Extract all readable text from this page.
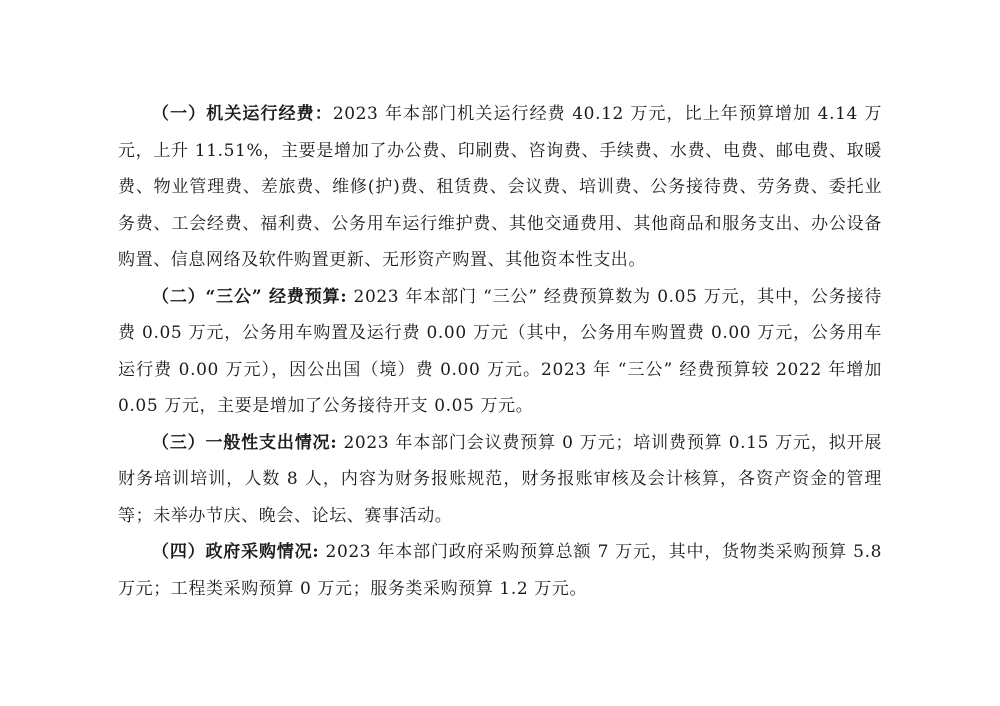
（一）机关运行经费：2023 年本部门机关运行经费 40.12 万元，比上年预算增加 4.14 万元，上升 11.51%，主要是增加了办公费、印刷费、咨询费、手续费、水费、电费、邮电费、取暖费、物业管理费、差旅费、维修(护)费、租赁费、会议费、培训费、公务接待费、劳务费、委托业务费、工会经费、福利费、公务用车运行维护费、其他交通费用、其他商品和服务支出、办公设备购置、信息网络及软件购置更新、无形资产购置、其他资本性支出。

（二）“三公” 经费预算: 2023 年本部门 “三公” 经费预算数为 0.05 万元，其中，公务接待费 0.05 万元，公务用车购置及运行费 0.00 万元（其中，公务用车购置费 0.00 万元，公务用车运行费 0.00 万元），因公出国（境）费 0.00 万元。2023 年 “三公” 经费预算较 2022 年增加 0.05 万元，主要是增加了公务接待开支 0.05 万元。

（三）一般性支出情况: 2023 年本部门会议费预算 0 万元；培训费预算 0.15 万元，拟开展财务培训培训，人数 8 人，内容为财务报账规范，财务报账审核及会计核算，各资产资金的管理等；未举办节庆、晚会、论坛、赛事活动。

（四）政府采购情况: 2023 年本部门政府采购预算总额 7 万元，其中，货物类采购预算 5.8 万元；工程类采购预算 0 万元；服务类采购预算 1.2 万元。
